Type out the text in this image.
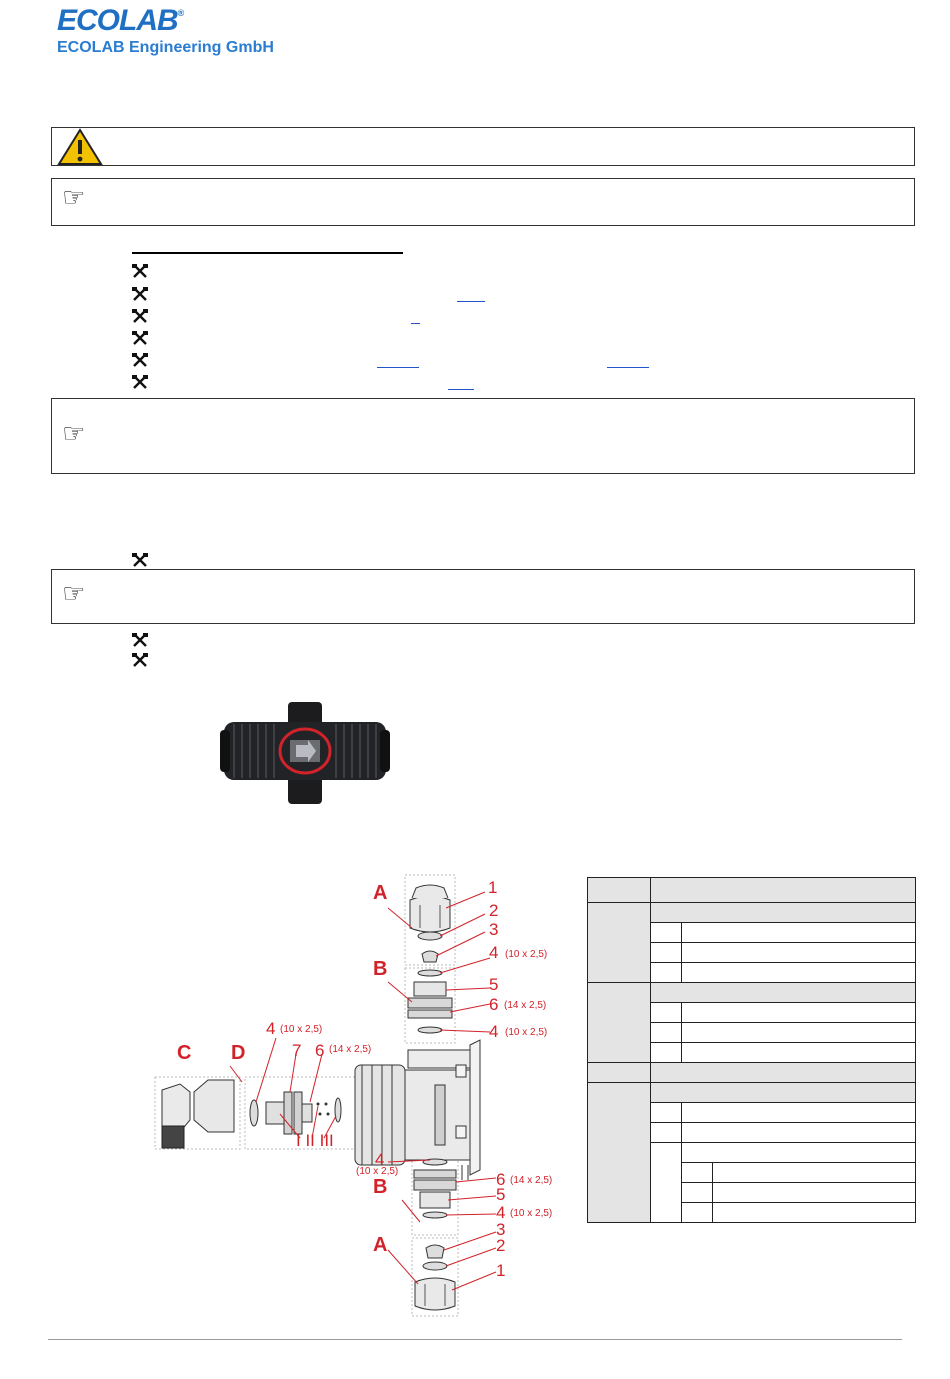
ECOLAB®
ECOLAB Engineering GmbH
☞
☞
☞
A	1
2
3
4 (10 x 2,5)
B
5
6 (14 x 2,5)
4 (10 x 2,5)
4 (10 x 2,5)
7 6 (14 x 2,5)
C D
I II III
4
(10 x 2,5)	6 (14 x 2,5)
B	5
4 (10 x 2,5)
3
A	2
1
